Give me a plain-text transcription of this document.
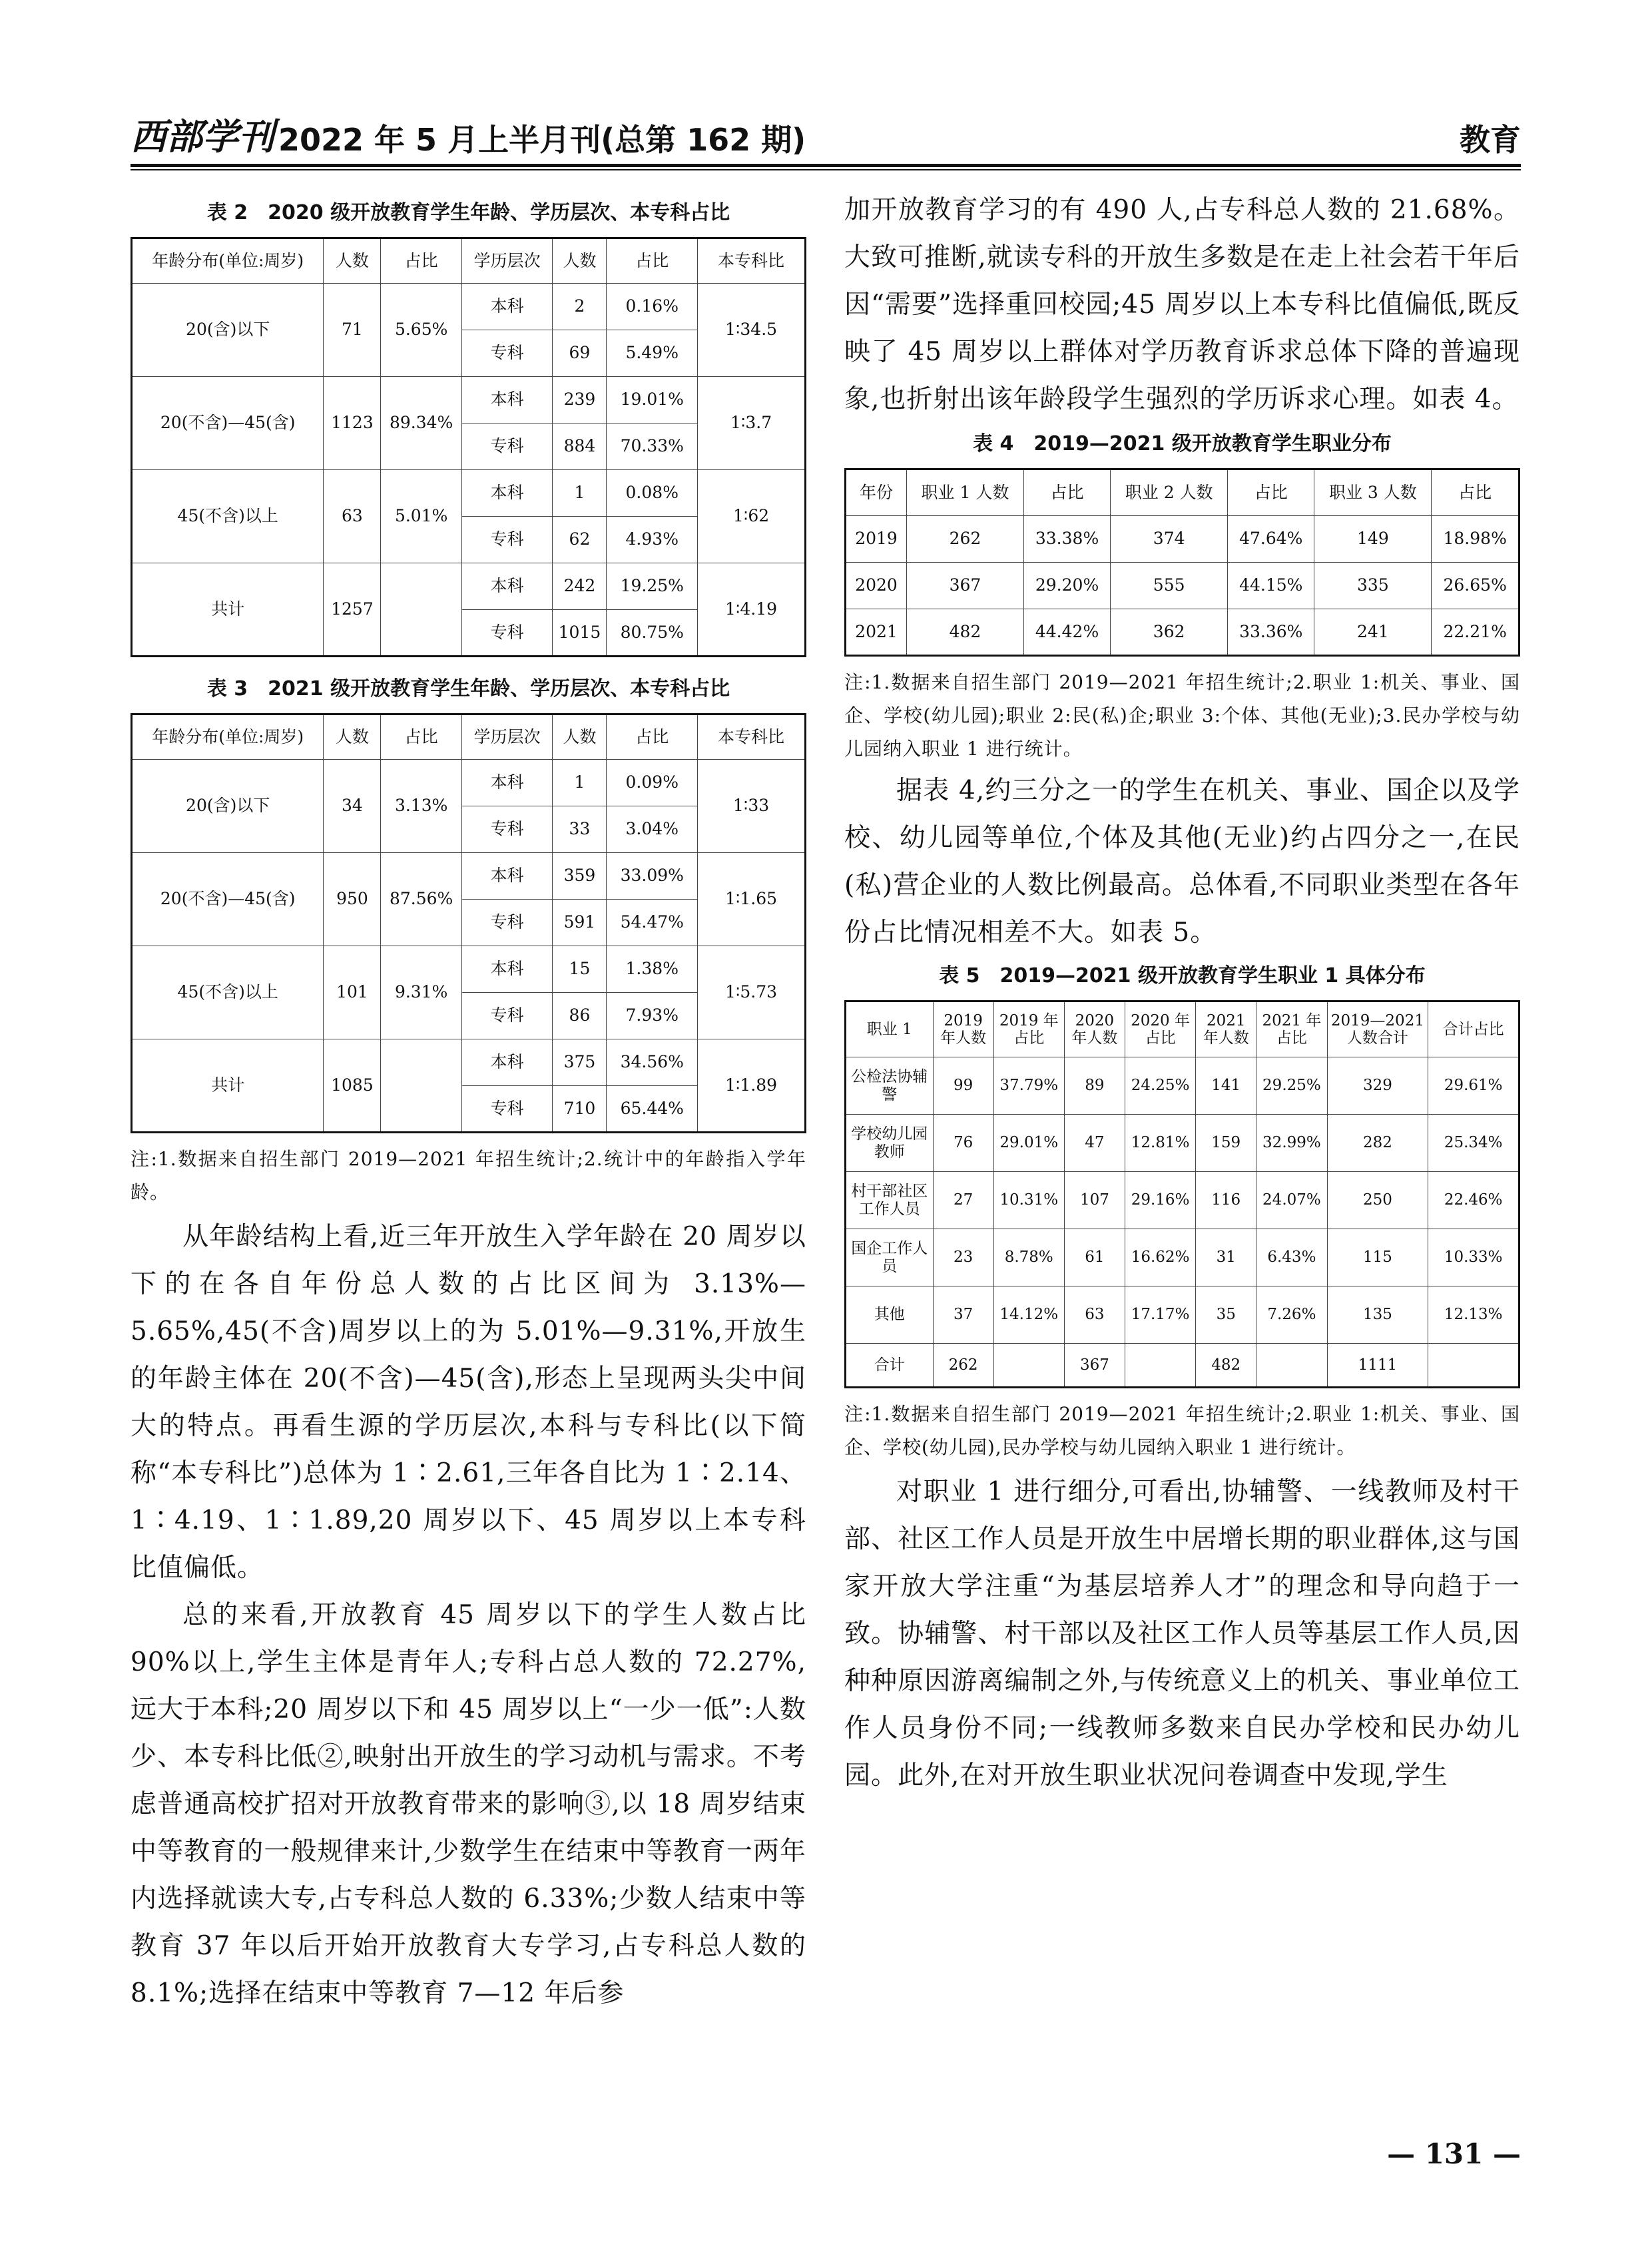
西部学刊 2022 年 5 月上半月刊(总第 162 期)	教育
表 2　2020 级开放教育学生年龄、学历层次、本专科占比
年龄分布(单位:周岁)	人数	占比	学历层次	人数	占比	本专科比
20(含)以下	71	5.65%	本科	2	0.16%	1∶34.5
			专科	69	5.49%	
20(不含)—45(含)	1123	89.34%	本科	239	19.01%	1∶3.7
			专科	884	70.33%	
45(不含)以上	63	5.01%	本科	1	0.08%	1∶62
			专科	62	4.93%	
共计	1257		本科	242	19.25%	1∶4.19
			专科	1015	80.75%	
表 3　2021 级开放教育学生年龄、学历层次、本专科占比
年龄分布(单位:周岁)	人数	占比	学历层次	人数	占比	本专科比
20(含)以下	34	3.13%	本科	1	0.09%	1∶33
			专科	33	3.04%	
20(不含)—45(含)	950	87.56%	本科	359	33.09%	1∶1.65
			专科	591	54.47%	
45(不含)以上	101	9.31%	本科	15	1.38%	1∶5.73
			专科	86	7.93%	
共计	1085		本科	375	34.56%	1∶1.89
			专科	710	65.44%	

注:1.数据来自招生部门 2019—2021 年招生统计;2.统计中的年龄指入学年龄。

从年龄结构上看,近三年开放生入学年龄在 20 周岁以下的在各自年份总人数的占比区间为 3.13%—5.65%,45(不含)周岁以上的为 5.01%—9.31%,开放生的年龄主体在 20(不含)—45(含),形态上呈现两头尖中间大的特点。再看生源的学历层次,本科与专科比(以下简称“本专科比”)总体为 1∶2.61,三年各自比为 1∶2.14、1∶4.19、1∶1.89,20 周岁以下、45 周岁以上本专科比值偏低。

总的来看,开放教育 45 周岁以下的学生人数占比 90%以上,学生主体是青年人;专科占总人数的 72.27%,远大于本科;20 周岁以下和 45 周岁以上“一少一低”:人数少、本专科比低②,映射出开放生的学习动机与需求。不考虑普通高校扩招对开放教育带来的影响③,以 18 周岁结束中等教育的一般规律来计,少数学生在结束中等教育一两年内选择就读大专,占专科总人数的 6.33%;少数人结束中等教育 37 年以后开始开放教育大专学习,占专科总人数的 8.1%;选择在结束中等教育 7—12 年后参

加开放教育学习的有 490 人,占专科总人数的 21.68%。大致可推断,就读专科的开放生多数是在走上社会若干年后因“需要”选择重回校园;45 周岁以上本专科比值偏低,既反映了 45 周岁以上群体对学历教育诉求总体下降的普遍现象,也折射出该年龄段学生强烈的学历诉求心理。如表 4。

表 4　2019—2021 级开放教育学生职业分布
年份	职业 1 人数	占比	职业 2 人数	占比	职业 3 人数	占比
2019	262	33.38%	374	47.64%	149	18.98%
2020	367	29.20%	555	44.15%	335	26.65%
2021	482	44.42%	362	33.36%	241	22.21%

注:1.数据来自招生部门 2019—2021 年招生统计;2.职业 1:机关、事业、国企、学校(幼儿园);职业 2:民(私)企;职业 3:个体、其他(无业);3.民办学校与幼儿园纳入职业 1 进行统计。

据表 4,约三分之一的学生在机关、事业、国企以及学校、幼儿园等单位,个体及其他(无业)约占四分之一,在民(私)营企业的人数比例最高。总体看,不同职业类型在各年份占比情况相差不大。如表 5。

表 5　2019—2021 级开放教育学生职业 1 具体分布
职业 1	2019 年人数	2019 年占比	2020 年人数	2020 年占比	2021 年人数	2021 年占比	2019—2021 人数合计	合计占比
公检法协辅警	99	37.79%	89	24.25%	141	29.25%	329	29.61%
学校幼儿园教师	76	29.01%	47	12.81%	159	32.99%	282	25.34%
村干部社区工作人员	27	10.31%	107	29.16%	116	24.07%	250	22.46%
国企工作人员	23	8.78%	61	16.62%	31	6.43%	115	10.33%
其他	37	14.12%	63	17.17%	35	7.26%	135	12.13%
合计	262		367		482		1111	

注:1.数据来自招生部门 2019—2021 年招生统计;2.职业 1:机关、事业、国企、学校(幼儿园),民办学校与幼儿园纳入职业 1 进行统计。

对职业 1 进行细分,可看出,协辅警、一线教师及村干部、社区工作人员是开放生中居增长期的职业群体,这与国家开放大学注重“为基层培养人才”的理念和导向趋于一致。协辅警、村干部以及社区工作人员等基层工作人员,因种种原因游离编制之外,与传统意义上的机关、事业单位工作人员身份不同;一线教师多数来自民办学校和民办幼儿园。此外,在对开放生职业状况问卷调查中发现,学生

— 131 —
